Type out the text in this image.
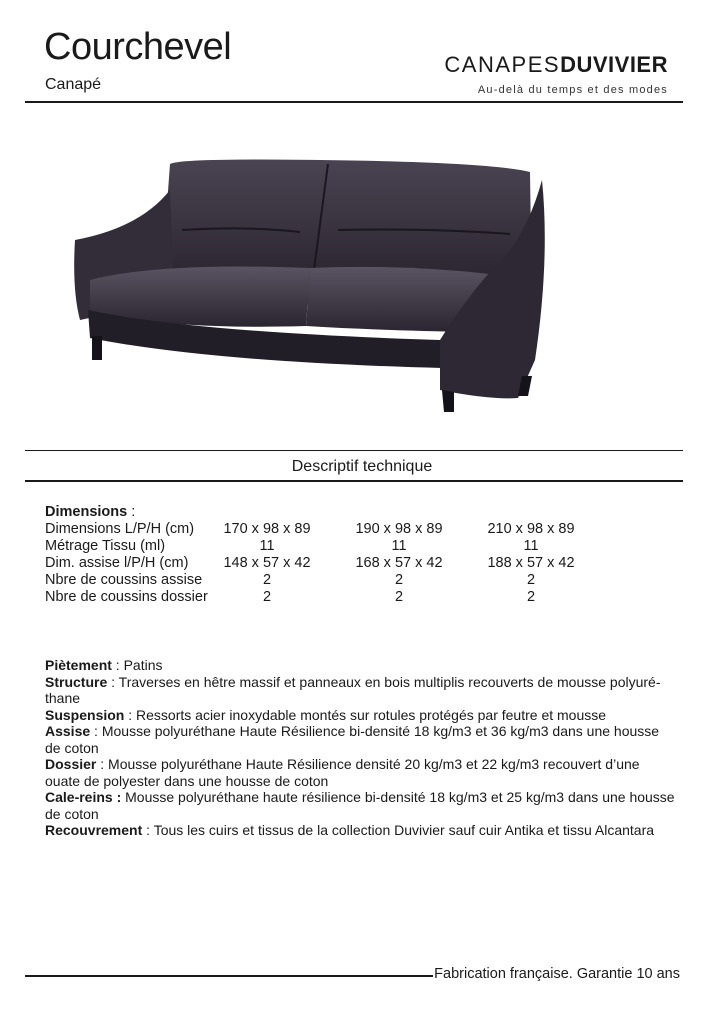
Courchevel
Canapé
CANAPESDUVIVIER
Au-delà du temps et des modes
Descriptif technique
Dimensions :
Dimensions L/P/H (cm)	170 x 98 x 89	190 x 98 x 89	210 x 98 x 89
Métrage Tissu (ml)	11	11	11
Dim. assise l/P/H (cm)	148 x 57 x 42	168 x 57 x 42	188 x 57 x 42
Nbre de coussins assise	2	2	2
Nbre de coussins dossier	2	2	2

Piètement : Patins

Structure : Traverses en hêtre massif et panneaux en bois multiplis recouverts de mousse polyuré-thane

Suspension : Ressorts acier inoxydable montés sur rotules protégés par feutre et mousse

Assise : Mousse polyuréthane Haute Résilience bi-densité 18 kg/m3 et 36 kg/m3 dans une housse de coton

Dossier : Mousse polyuréthane Haute Résilience densité 20 kg/m3 et 22 kg/m3 recouvert d’une ouate de polyester dans une housse de coton

Cale-reins : Mousse polyuréthane haute résilience bi-densité 18 kg/m3 et 25 kg/m3 dans une housse de coton

Recouvrement : Tous les cuirs et tissus de la collection Duvivier sauf cuir Antika et tissu Alcantara

Fabrication française. Garantie 10 ans
